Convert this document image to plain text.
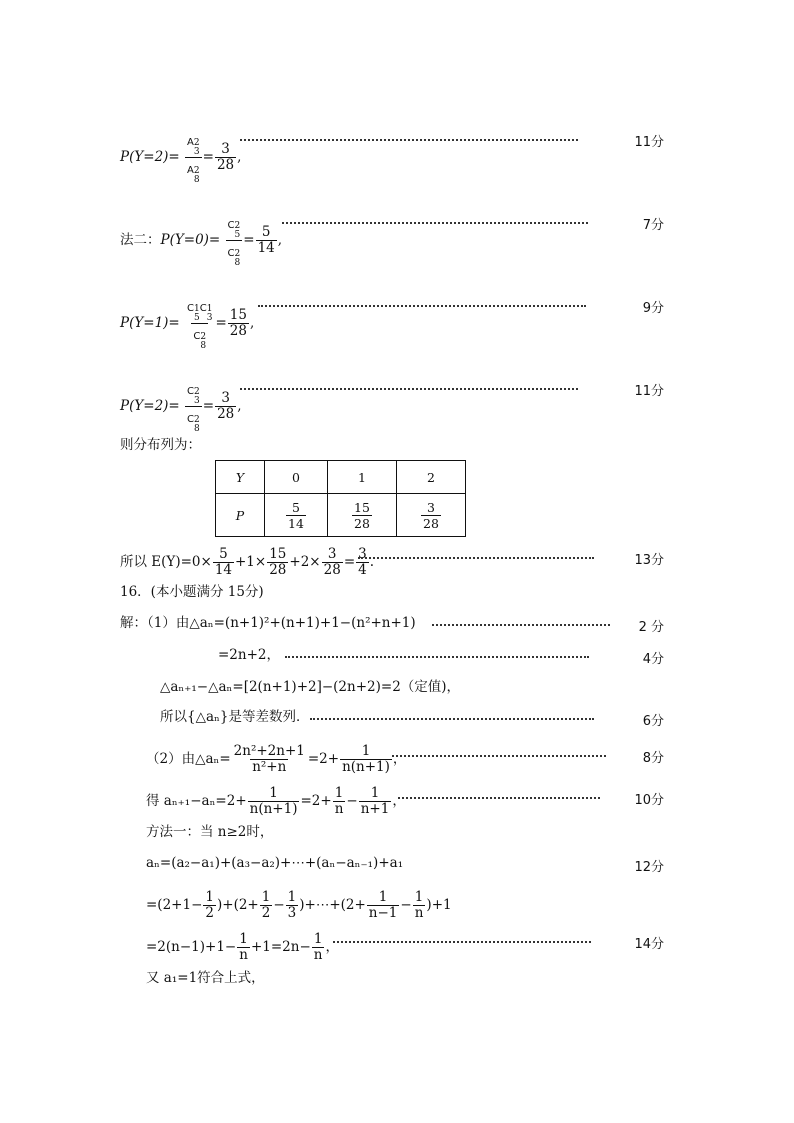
P(Y=2)= A 2
3
A 2
$8 = \frac{3}{28}$ ,
11分
法二：P(Y=0)= C 2
5
C 2
$8 = \frac{5}{14}$ ,
7分
P(Y=1)= C 1
5
C 1
3
C 2
$8 = \frac{15}{28}$ ,
9分
P(Y=2)= C 2
3
C 2
$8 = \frac{3}{28}$ ,
11分
则分布列为：
Y	0	1	2
P	$\frac{5}{14}$	$\frac{15}{28}$	$\frac{3}{28}$
所以 $E(Y)=0\times \frac{5}{14} +1\times \frac{15}{28} +2\times \frac{3}{28} = \frac{3}{4}$ .	13分
16．(本小题满分 15分)
解：（1）由△aₙ=(n+1)²+(n+1)+1−(n²+n+1)	2 分
=2n+2，	4分
△aₙ₊₁−△aₙ=[2(n+1)+2]−(2n+2)=2（定值)，
所以{△aₙ}是等差数列．	6分
（2）由△aₙ= $\frac{\text{2n²+2n+1}}{\text{n²+n}} =2+ \frac{1}{n(n+1)}$ ，	8分
得 $a_{n+1}-a_n=2+ \frac{1}{n(n+1)} =2+ \frac{1}{n} - \frac{1}{n+1}$ ，	10分
方法一：当 n≥2时，
aₙ=(a₂−a₁)+(a₃−a₂)+⋯+(aₙ−aₙ₋₁)+a₁	12分
$=(2+1- \frac{1}{2} )+(2+ \frac{1}{2} - \frac{1}{3}$ )+⋯+(2+ $\frac{1}{n-1} - \frac{1}{n} )+1$
$=2(n-1)+1- \frac{1}{n} +1=2n- \frac{1}{n}$ ，	14分
又 a₁=1符合上式，
